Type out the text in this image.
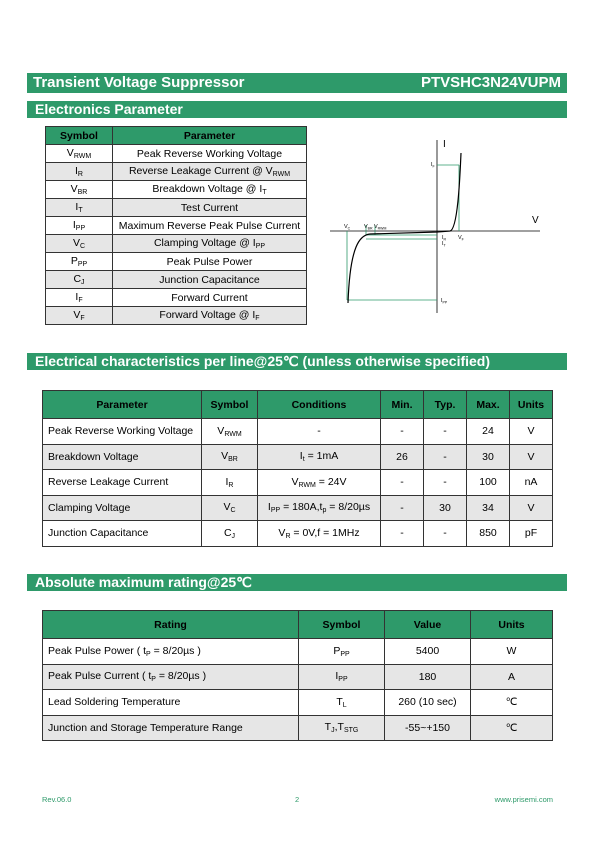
Transient Voltage Suppressor	PTVSHC3N24VUPM
Electronics Parameter
Symbol	Parameter
$V_{RWM}$	Peak Reverse Working Voltage
$I_R$	Reverse Leakage Current @ $V_{RWM}$
$V_{BR}$	Breakdown Voltage @ $I_T$
$I_T$	Test Current
$I_{PP}$	Maximum Reverse Peak Pulse Current
$V_C$	Clamping Voltage @ $I_{PP}$
$P_{PP}$	Peak Pulse Power
$C_J$	Junction Capacitance
$I_F$	Forward Current
$V_F$	Forward Voltage @ $I_F$
I
V
$I_F$
$V_C$	$V_{BR}$ $V_{RWM}$
$I_R$
$I_T$
$V_F$
$I_{PP}$
Electrical characteristics per line@25℃ (unless otherwise specified)
Parameter	Symbol	Conditions	Min.	Typ.	Max.	Units
Peak Reverse Working Voltage	$V_{RWM}$	-	-	-	24	V
Breakdown Voltage	$V_{BR}$	$I_t = 1mA$	26	-	30	V
Reverse Leakage Current	$I_R$	$V_{RWM} = 24V$	-	-	100	nA
Clamping Voltage	$V_C$	$I_{PP} = 180A,t_p = 8/20\mu s$	-	30	34	V
Junction Capacitance	$C_J$	$V_R = 0V,f = 1MHz$	-	-	850	pF
Absolute maximum rating@25℃
Rating	Symbol	Value	Units
Peak Pulse Power ( $t_P = 8/20\mu s$ )	$P_{PP}$	5400	W
Peak Pulse Current ( $t_P = 8/20\mu s$ )	$I_{PP}$	180	A
Lead Soldering Temperature	$T_L$	260 (10 sec)	℃
Junction and Storage Temperature Range	$T_J,T_{STG}$	-55~+150	℃
Rev.06.0	2	www.prisemi.com
